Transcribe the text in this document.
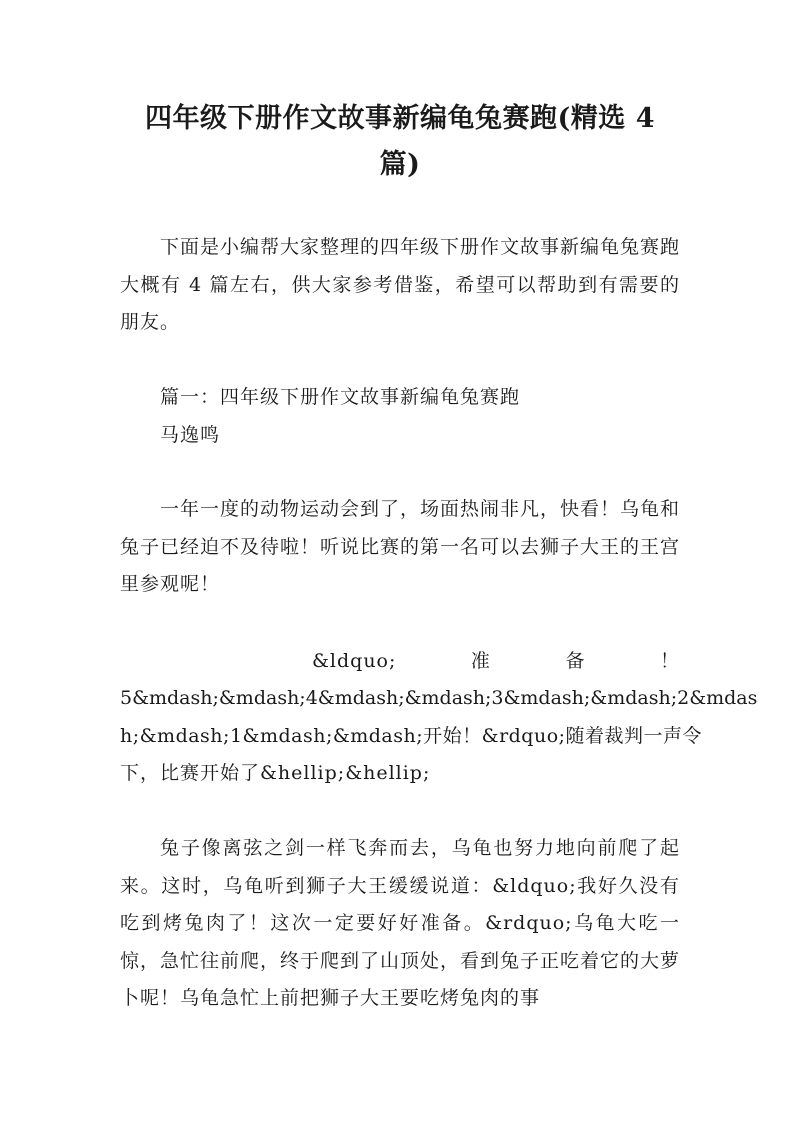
四年级下册作文故事新编龟兔赛跑(精选 4
篇)

下面是小编帮大家整理的四年级下册作文故事新编龟兔赛跑大概有 4 篇左右，供大家参考借鉴，希望可以帮助到有需要的朋友。

篇一：四年级下册作文故事新编龟兔赛跑
马逸鸣

一年一度的动物运动会到了，场面热闹非凡，快看！乌龟和兔子已经迫不及待啦！听说比赛的第一名可以去狮子大王的王宫里参观呢！

&ldquo;	准	备	！
5&mdash;&mdash;4&mdash;&mdash;3&mdash;&mdash;2&mdas
h;&mdash;1&mdash;&mdash;开始！&rdquo;随着裁判一声令
下，比赛开始了&hellip;&hellip;

兔子像离弦之剑一样飞奔而去，乌龟也努力地向前爬了起来。这时，乌龟听到狮子大王缓缓说道：&ldquo;我好久没有吃到烤兔肉了！这次一定要好好准备。&rdquo;乌龟大吃一惊，急忙往前爬，终于爬到了山顶处，看到兔子正吃着它的大萝卜呢！乌龟急忙上前把狮子大王要吃烤兔肉的事
